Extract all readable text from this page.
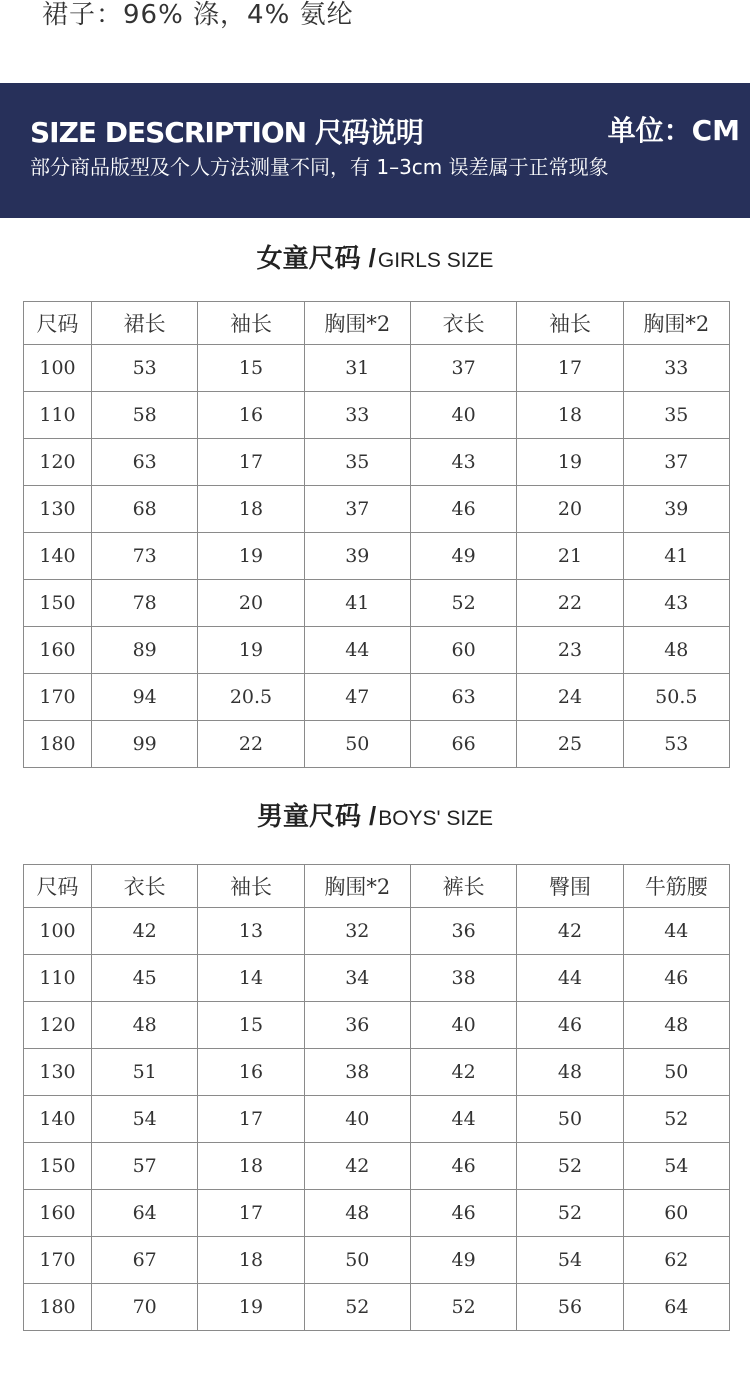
裙子：96% 涤，4% 氨纶
SIZE DESCRIPTION 尺码说明	单位：CM
部分商品版型及个人方法测量不同，有 1–3cm 误差属于正常现象
女童尺码 /GIRLS SIZE
尺码	裙长	袖长	胸围*2	衣长	袖长	胸围*2
100	53	15	31	37	17	33
110	58	16	33	40	18	35
120	63	17	35	43	19	37
130	68	18	37	46	20	39
140	73	19	39	49	21	41
150	78	20	41	52	22	43
160	89	19	44	60	23	48
170	94	20.5	47	63	24	50.5
180	99	22	50	66	25	53
男童尺码 /BOYS' SIZE
尺码	衣长	袖长	胸围*2	裤长	臀围	牛筋腰
100	42	13	32	36	42	44
110	45	14	34	38	44	46
120	48	15	36	40	46	48
130	51	16	38	42	48	50
140	54	17	40	44	50	52
150	57	18	42	46	52	54
160	64	17	48	46	52	60
170	67	18	50	49	54	62
180	70	19	52	52	56	64
